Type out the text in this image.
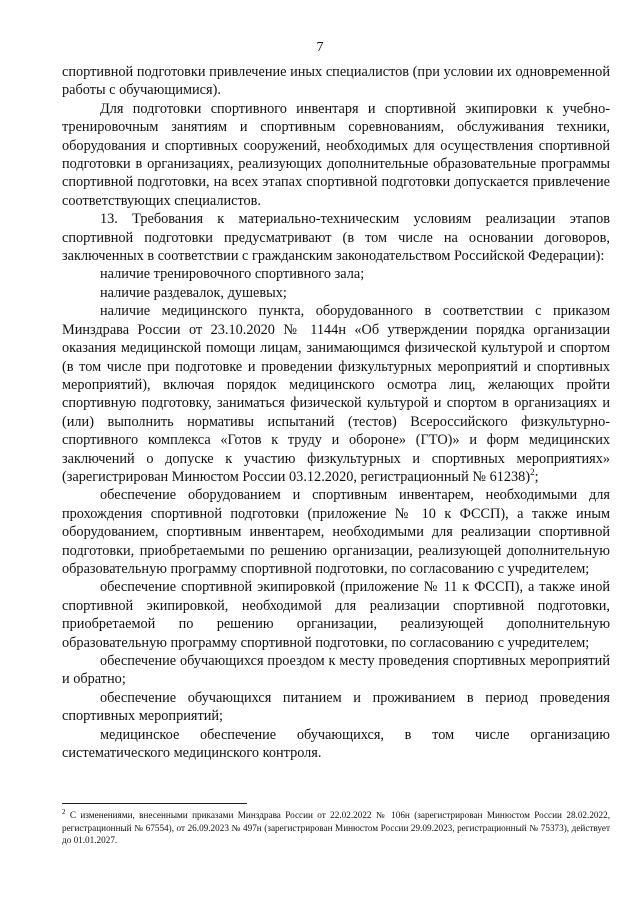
7

спортивной подготовки привлечение иных специалистов (при условии их одновременной работы с обучающимися).

Для подготовки спортивного инвентаря и спортивной экипировки к учебно-тренировочным занятиям и спортивным соревнованиям, обслуживания техники, оборудования и спортивных сооружений, необходимых для осуществления спортивной подготовки в организациях, реализующих дополнительные образовательные программы спортивной подготовки, на всех этапах спортивной подготовки допускается привлечение соответствующих специалистов.

13. Требования к материально-техническим условиям реализации этапов спортивной подготовки предусматривают (в том числе на основании договоров, заключенных в соответствии с гражданским законодательством Российской Федерации):

наличие тренировочного спортивного зала;

наличие раздевалок, душевых;

наличие медицинского пункта, оборудованного в соответствии с приказом Минздрава России от 23.10.2020 № 1144н «Об утверждении порядка организации оказания медицинской помощи лицам, занимающимся физической культурой и спортом (в том числе при подготовке и проведении физкультурных мероприятий и спортивных мероприятий), включая порядок медицинского осмотра лиц, желающих пройти спортивную подготовку, заниматься физической культурой и спортом в организациях и (или) выполнить нормативы испытаний (тестов) Всероссийского физкультурно-спортивного комплекса «Готов к труду и обороне» (ГТО)» и форм медицинских заключений о допуске к участию физкультурных и спортивных мероприятиях» (зарегистрирован Минюстом России 03.12.2020, регистрационный № 61238)$^2$;

обеспечение оборудованием и спортивным инвентарем, необходимыми для прохождения спортивной подготовки (приложение № 10 к ФССП), а также иным оборудованием, спортивным инвентарем, необходимыми для реализации спортивной подготовки, приобретаемыми по решению организации, реализующей дополнительную образовательную программу спортивной подготовки, по согласованию с учредителем;

обеспечение спортивной экипировкой (приложение № 11 к ФССП), а также иной спортивной экипировкой, необходимой для реализации спортивной подготовки, приобретаемой по решению организации, реализующей дополнительную образовательную программу спортивной подготовки, по согласованию с учредителем;

обеспечение обучающихся проездом к месту проведения спортивных мероприятий и обратно;

обеспечение обучающихся питанием и проживанием в период проведения спортивных мероприятий;

медицинское обеспечение обучающихся, в том числе организацию систематического медицинского контроля.

$^2$ С изменениями, внесенными приказами Минздрава России от 22.02.2022 № 106н (зарегистрирован Минюстом России 28.02.2022, регистрационный № 67554), от 26.09.2023 № 497н (зарегистрирован Минюстом России 29.09.2023, регистрационный № 75373), действует до 01.01.2027.
